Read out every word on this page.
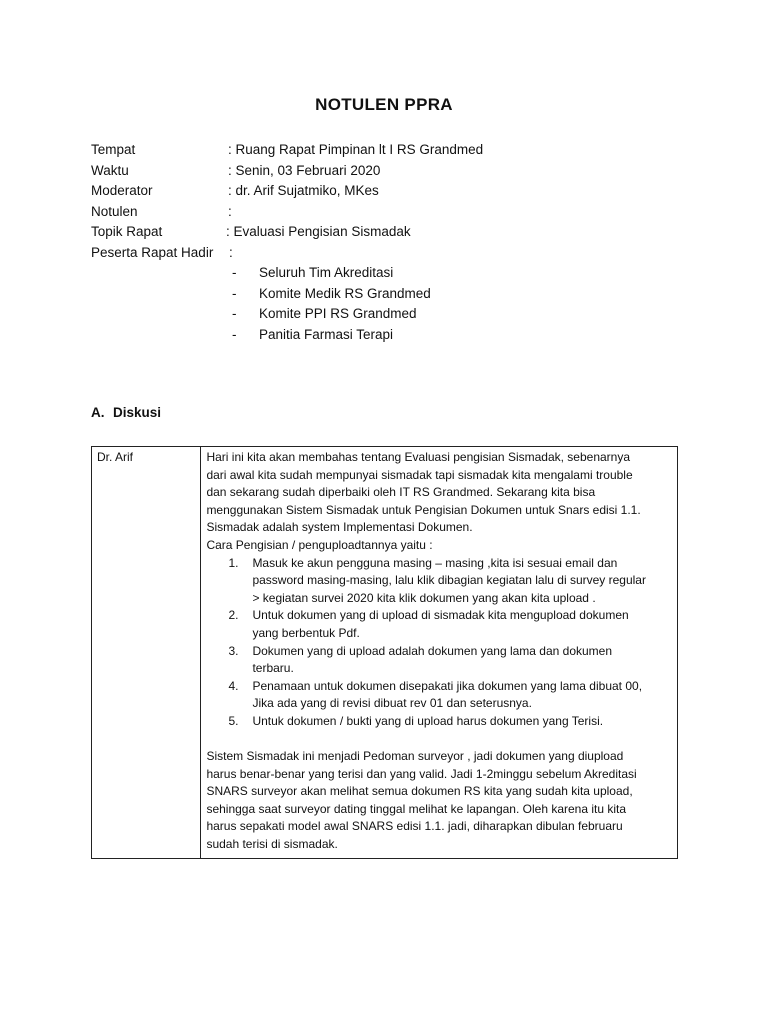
NOTULEN PPRA
Tempat	: Ruang Rapat Pimpinan lt I RS Grandmed
Waktu	: Senin, 03 Februari 2020
Moderator	: dr. Arif Sujatmiko, MKes
Notulen	:
Topik Rapat	: Evaluasi Pengisian Sismadak
Peserta Rapat Hadir :
- Seluruh Tim Akreditasi
- Komite Medik RS Grandmed
- Komite PPI RS Grandmed
- Panitia Farmasi Terapi
A. Diskusi
Dr. Arif	Hari ini kita akan membahas tentang Evaluasi pengisian Sismadak, sebenarnya
dari awal kita sudah mempunyai sismadak tapi sismadak kita mengalami trouble
dan sekarang sudah diperbaiki oleh IT RS Grandmed. Sekarang kita bisa
menggunakan Sistem Sismadak untuk Pengisian Dokumen untuk Snars edisi 1.1.
Sismadak adalah system Implementasi Dokumen.
Cara Pengisian / penguploadtannya yaitu :
1. Masuk ke akun pengguna masing – masing ,kita isi sesuai email dan
password masing-masing, lalu klik dibagian kegiatan lalu di survey regular
> kegiatan survei 2020 kita klik dokumen yang akan kita upload .
2. Untuk dokumen yang di upload di sismadak kita mengupload dokumen
yang berbentuk Pdf.
3. Dokumen yang di upload adalah dokumen yang lama dan dokumen
terbaru.
4. Penamaan untuk dokumen disepakati jika dokumen yang lama dibuat 00,
Jika ada yang di revisi dibuat rev 01 dan seterusnya.
5. Untuk dokumen / bukti yang di upload harus dokumen yang Terisi.
Sistem Sismadak ini menjadi Pedoman surveyor , jadi dokumen yang diupload
harus benar-benar yang terisi dan yang valid. Jadi 1-2minggu sebelum Akreditasi
SNARS surveyor akan melihat semua dokumen RS kita yang sudah kita upload,
sehingga saat surveyor dating tinggal melihat ke lapangan. Oleh karena itu kita
harus sepakati model awal SNARS edisi 1.1. jadi, diharapkan dibulan februaru
sudah terisi di sismadak.
